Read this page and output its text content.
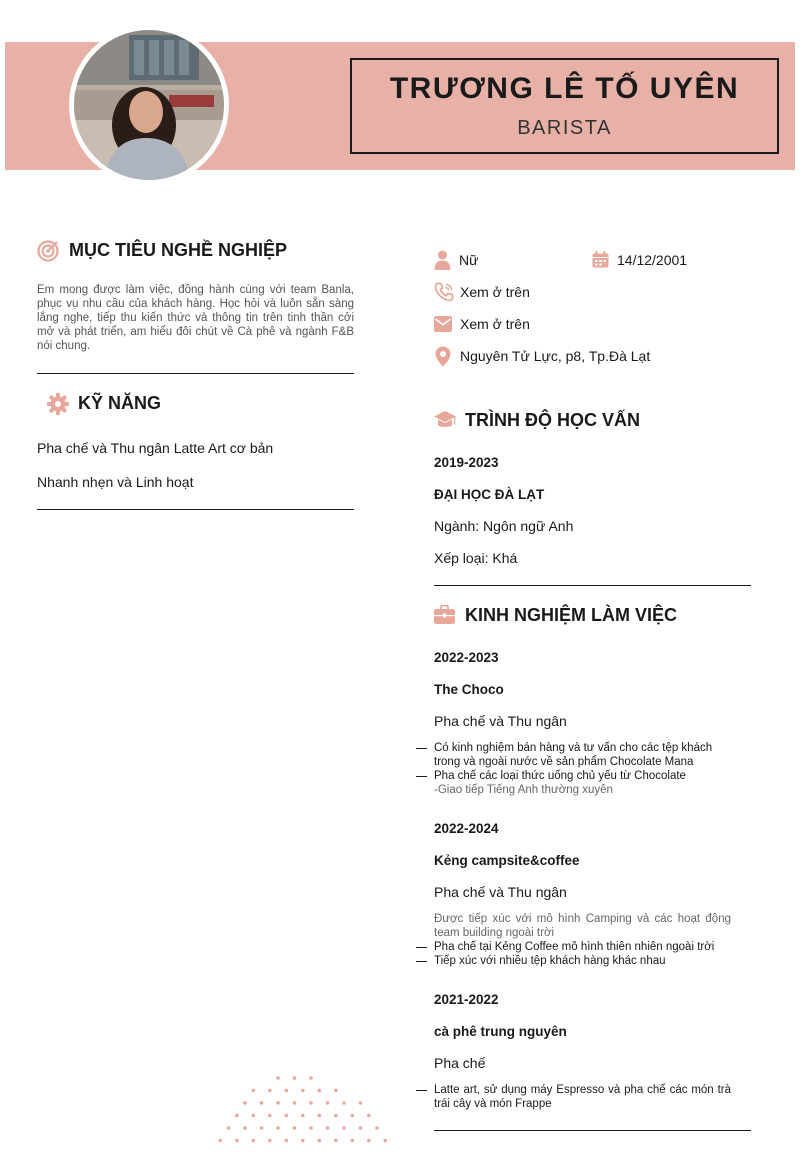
TRƯƠNG LÊ TỐ UYÊN
BARISTA
MỤC TIÊU NGHỀ NGHIỆP
Em mong được làm việc, đồng hành cùng với team Banla, phục vụ nhu cầu của khách hàng. Học hỏi và luôn sẵn sàng lắng nghe, tiếp thu kiến thức và thông tin trên tinh thần cởi mở và phát triển, am hiểu đôi chút về Cà phê và ngành F&B nói chung.
KỸ NĂNG
Pha chế và Thu ngân Latte Art cơ bản
Nhanh nhẹn và Linh hoạt
Nữ	14/12/2001
Xem ở trên
Xem ở trên
Nguyên Tử Lực, p8, Tp.Đà Lạt
TRÌNH ĐỘ HỌC VẤN
2019-2023
ĐẠI HỌC ĐÀ LẠT
Ngành: Ngôn ngữ Anh
Xếp loại: Khá
KINH NGHIỆM LÀM VIỆC
2022-2023
The Choco
Pha chế và Thu ngân
Có kinh nghiệm bán hàng và tư vấn cho các tệp khách trong và ngoài nước về sản phẩm Chocolate Mana
Pha chế các loại thức uống chủ yếu từ Chocolate
-Giao tiếp Tiếng Anh thường xuyên
2022-2024
Kẻng campsite&coffee
Pha chế và Thu ngân
Được tiếp xúc với mô hình Camping và các hoạt động team building ngoài trời
Pha chế tại Kẻng Coffee mô hình thiên nhiên ngoài trời
Tiếp xúc với nhiều tệp khách hàng khác nhau
2021-2022
cà phê trung nguyên
Pha chế
Latte art, sử dụng máy Espresso và pha chế các món trà trái cây và món Frappe
